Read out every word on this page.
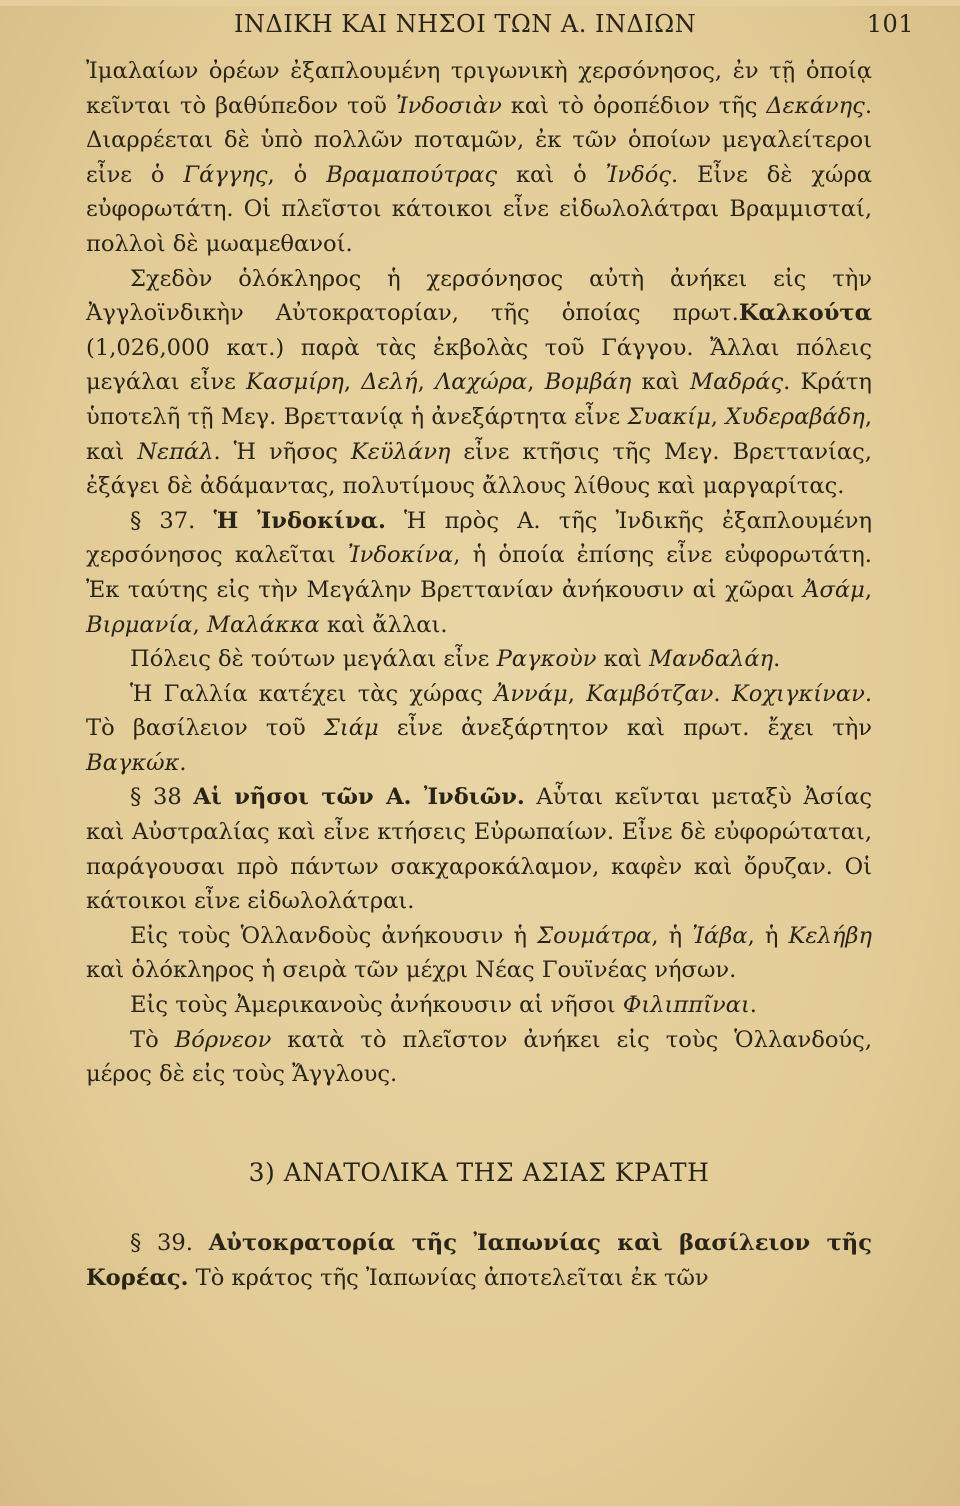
ΙΝΔΙΚΗ ΚΑΙ ΝΗΣΟΙ ΤΩΝ Α. ΙΝΔΙΩΝ	101

Ἰμαλαίων ὀρέων ἐξαπλουμένη τριγωνικὴ χερσόνησος, ἐν τῇ ὁποίᾳ κεῖνται τὸ βαθύπεδον τοῦ Ἰνδοσιὰν καὶ τὸ ὀροπέδιον τῆς Δεκάνης. Διαρρέεται δὲ ὑπὸ πολλῶν ποταμῶν, ἐκ τῶν ὁποίων μεγαλείτεροι εἶνε ὁ Γάγγης, ὁ Βραμαπούτρας καὶ ὁ Ἰνδός. Εἶνε δὲ χώρα εὐφορωτάτη. Οἱ πλεῖστοι κάτοικοι εἶνε εἰδωλολάτραι Βραμμισταί, πολλοὶ δὲ μωαμεθανοί.

Σχεδὸν ὁλόκληρος ἡ χερσόνησος αὐτὴ ἀνήκει εἰς τὴν Ἀγγλοϊνδικὴν Αὐτοκρατορίαν, τῆς ὁποίας πρωτ.Καλκούτα (1,026,000 κατ.) παρὰ τὰς ἐκβολὰς τοῦ Γάγγου. Ἄλλαι πόλεις μεγάλαι εἶνε Κασμίρη, Δελή, Λαχώρα, Βομβάη καὶ Μαδράς. Κράτη ὑποτελῆ τῇ Μεγ. Βρεττανίᾳ ἡ ἀνεξάρτητα εἶνε Συακίμ, Χυδεραβάδη, καὶ Νεπάλ. Ἡ νῆσος Κεϋλάνη εἶνε κτῆσις τῆς Μεγ. Βρεττανίας, ἐξάγει δὲ ἀδάμαντας, πολυτίμους ἄλλους λίθους καὶ μαργαρίτας.

§ 37. Ἡ Ἰνδοκίνα. Ἡ πρὸς Α. τῆς Ἰνδικῆς ἐξαπλουμένη χερσόνησος καλεῖται Ἰνδοκίνα, ἡ ὁποία ἐπίσης εἶνε εὐφορωτάτη. Ἐκ ταύτης εἰς τὴν Μεγάλην Βρεττανίαν ἀνήκουσιν αἱ χῶραι Ἀσάμ, Βιρμανία, Μαλάκκα καὶ ἄλλαι.

Πόλεις δὲ τούτων μεγάλαι εἶνε Ραγκοὺν καὶ Μανδαλάη.

Ἡ Γαλλία κατέχει τὰς χώρας Ἀννάμ, Καμβότζαν. Κοχιγκίναν. Τὸ βασίλειον τοῦ Σιάμ εἶνε ἀνεξάρτητον καὶ πρωτ. ἔχει τὴν Βαγκώκ.

§ 38 Αἱ νῆσοι τῶν Α. Ἰνδιῶν. Αὗται κεῖνται μεταξὺ Ἀσίας καὶ Αὐστραλίας καὶ εἶνε κτήσεις Εὐρωπαίων. Εἶνε δὲ εὐφορώταται, παράγουσαι πρὸ πάντων σακχαροκάλαμον, καφὲν καὶ ὄρυζαν. Οἱ κάτοικοι εἶνε εἰδωλολάτραι.

Εἰς τοὺς Ὁλλανδοὺς ἀνήκουσιν ἡ Σουμάτρα, ἡ Ἰάβα, ἡ Κελήβη καὶ ὁλόκληρος ἡ σειρὰ τῶν μέχρι Νέας Γουϊνέας νήσων.

Εἰς τοὺς Ἀμερικανοὺς ἀνήκουσιν αἱ νῆσοι Φιλιππῖναι.

Τὸ Βόρνεον κατὰ τὸ πλεῖστον ἀνήκει εἰς τοὺς Ὁλλανδούς, μέρος δὲ εἰς τοὺς Ἄγγλους.

3) ΑΝΑΤΟΛΙΚΑ ΤΗΣ ΑΣΙΑΣ ΚΡΑΤΗ

§ 39. Αὐτοκρατορία τῆς Ἰαπωνίας καὶ βασίλειον τῆς Κορέας. Τὸ κράτος τῆς Ἰαπωνίας ἀποτελεῖται ἐκ τῶν
